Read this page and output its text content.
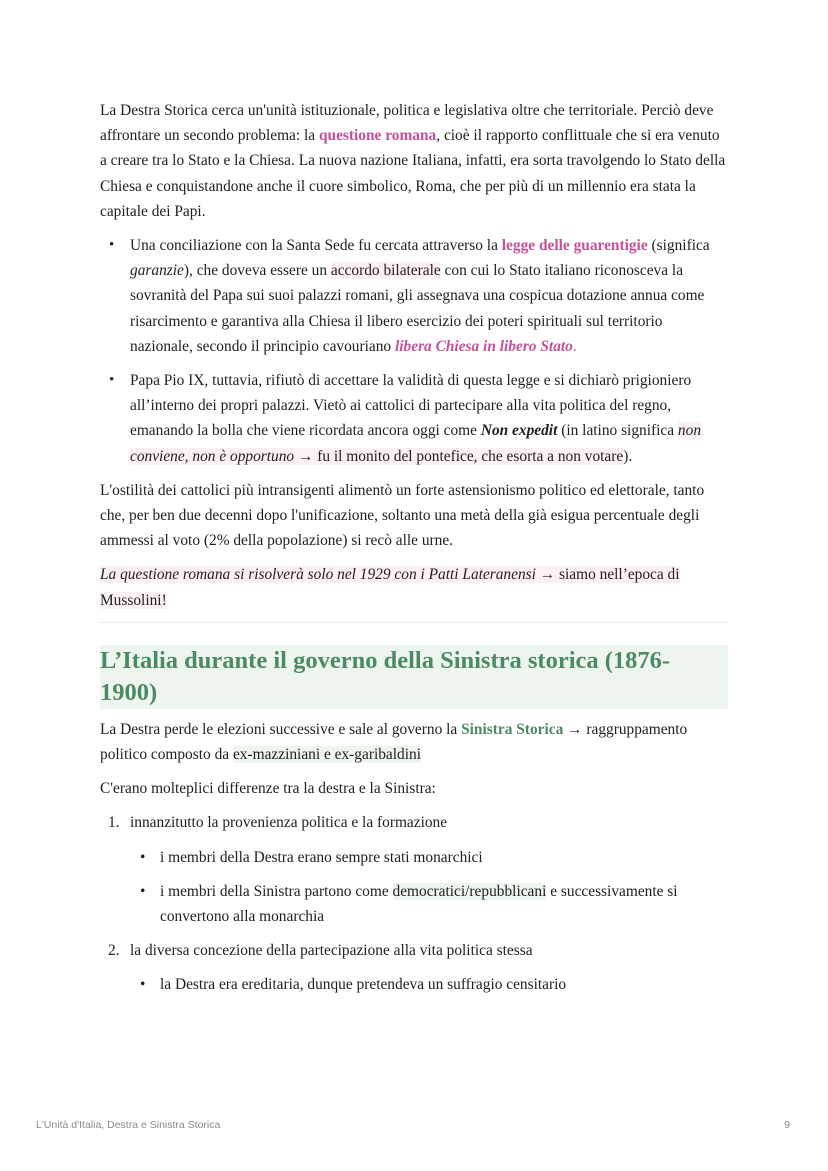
La Destra Storica cerca un'unità istituzionale, politica e legislativa oltre che territoriale. Perciò deve affrontare un secondo problema: la questione romana, cioè il rapporto conflittuale che si era venuto a creare tra lo Stato e la Chiesa. La nuova nazione Italiana, infatti, era sorta travolgendo lo Stato della Chiesa e conquistandone anche il cuore simbolico, Roma, che per più di un millennio era stata la capitale dei Papi.

• Una conciliazione con la Santa Sede fu cercata attraverso la legge delle guarentigie (significa garanzie), che doveva essere un accordo bilaterale con cui lo Stato italiano riconosceva la sovranità del Papa sui suoi palazzi romani, gli assegnava una cospicua dotazione annua come risarcimento e garantiva alla Chiesa il libero esercizio dei poteri spirituali sul territorio nazionale, secondo il principio cavouriano libera Chiesa in libero Stato.
• Papa Pio IX, tuttavia, rifiutò di accettare la validità di questa legge e si dichiarò prigioniero all’interno dei propri palazzi. Vietò ai cattolici di partecipare alla vita politica del regno, emanando la bolla che viene ricordata ancora oggi come Non expedit (in latino significa non conviene, non è opportuno → fu il monito del pontefice, che esorta a non votare).

L'ostilità dei cattolici più intransigenti alimentò un forte astensionismo politico ed elettorale, tanto che, per ben due decenni dopo l'unificazione, soltanto una metà della già esigua percentuale degli ammessi al voto (2% della popolazione) si recò alle urne.

La questione romana si risolverà solo nel 1929 con i Patti Lateranensi → siamo nell’epoca di Mussolini!

L’Italia durante il governo della Sinistra storica (1876-1900)

La Destra perde le elezioni successive e sale al governo la Sinistra Storica → raggruppamento politico composto da ex-mazziniani e ex-garibaldini

C'erano molteplici differenze tra la destra e la Sinistra:

1. innanzitutto la provenienza politica e la formazione
• i membri della Destra erano sempre stati monarchici
• i membri della Sinistra partono come democratici/repubblicani e successivamente si convertono alla monarchia
2. la diversa concezione della partecipazione alla vita politica stessa
• la Destra era ereditaria, dunque pretendeva un suffragio censitario
L'Unità d'Italia, Destra e Sinistra Storica	9
